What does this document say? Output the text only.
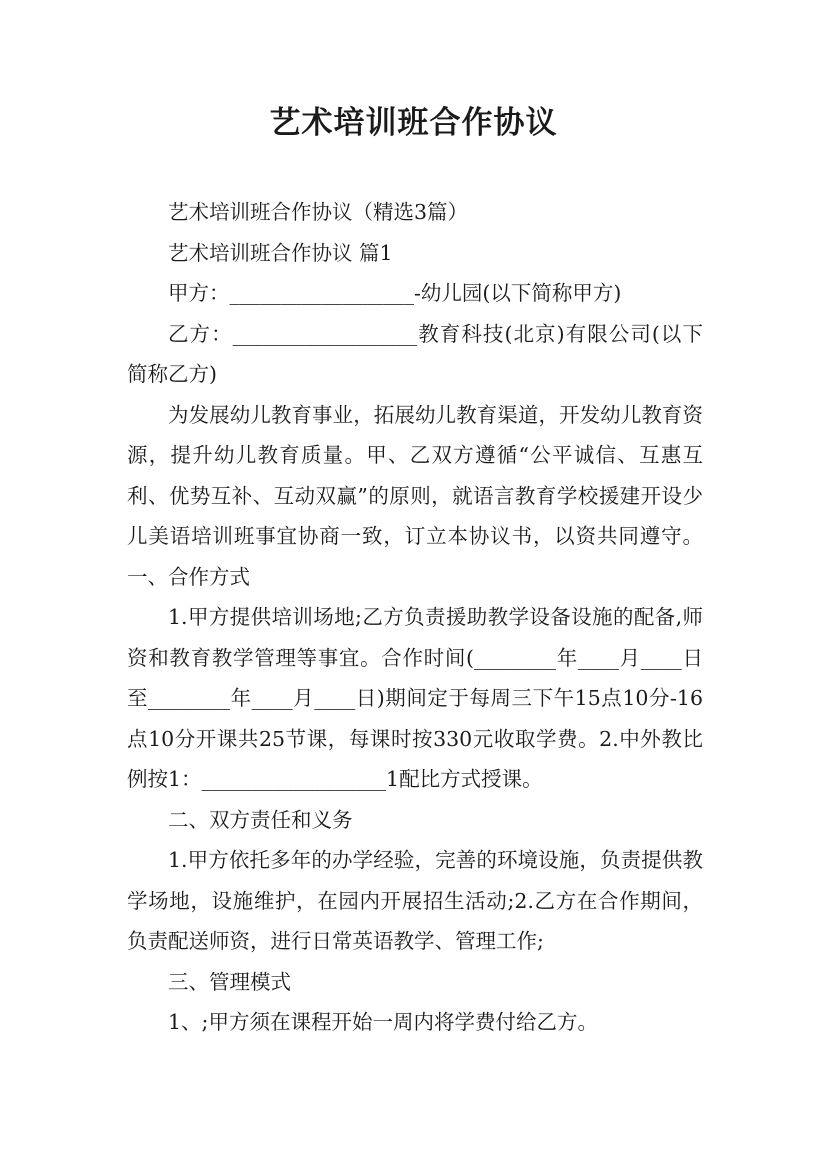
艺术培训班合作协议

艺术培训班合作协议（精选3篇）

艺术培训班合作协议 篇1

甲方：__________________-幼儿园(以下简称甲方)

乙方：__________________教育科技(北京)有限公司(以下简称乙方)

为发展幼儿教育事业，拓展幼儿教育渠道，开发幼儿教育资源，提升幼儿教育质量。甲、乙双方遵循“公平诚信、互惠互利、优势互补、互动双赢”的原则，就语言教育学校援建开设少儿美语培训班事宜协商一致，订立本协议书，以资共同遵守。一、合作方式

1.甲方提供培训场地;乙方负责援助教学设备设施的配备,师资和教育教学管理等事宜。合作时间(________年____月____日至________年____月____日)期间定于每周三下午15点10分-16点10分开课共25节课，每课时按330元收取学费。2.中外教比例按1：__________________1配比方式授课。

二、双方责任和义务

1.甲方依托多年的办学经验，完善的环境设施，负责提供教学场地，设施维护，在园内开展招生活动;2.乙方在合作期间，负责配送师资，进行日常英语教学、管理工作;

三、管理模式

1、;甲方须在课程开始一周内将学费付给乙方。
